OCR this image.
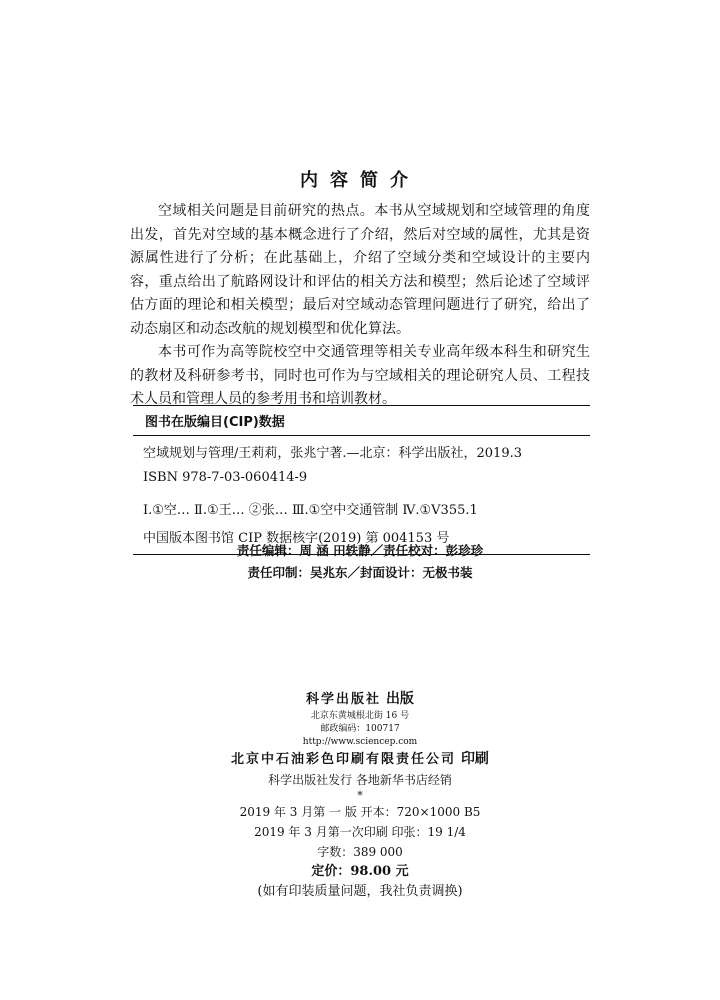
内容简介

空域相关问题是目前研究的热点。本书从空域规划和空域管理的角度出发，首先对空域的基本概念进行了介绍，然后对空域的属性，尤其是资源属性进行了分析；在此基础上，介绍了空域分类和空域设计的主要内容，重点给出了航路网设计和评估的相关方法和模型；然后论述了空域评估方面的理论和相关模型；最后对空域动态管理问题进行了研究，给出了动态扇区和动态改航的规划模型和优化算法。

本书可作为高等院校空中交通管理等相关专业高年级本科生和研究生的教材及科研参考书，同时也可作为与空域相关的理论研究人员、工程技术人员和管理人员的参考用书和培训教材。

图书在版编目(CIP)数据
空域规划与管理/王莉莉，张兆宁著.—北京：科学出版社，2019.3
ISBN 978-7-03-060414-9
Ⅰ.①空… Ⅱ.①王… ②张… Ⅲ.①空中交通管制 Ⅳ.①V355.1
中国版本图书馆 CIP 数据核字(2019) 第 004153 号
责任编辑：周 涵 田轶静／责任校对：彭珍珍
责任印制：吴兆东／封面设计：无极书装
科学出版社 出版
北京东黄城根北街 16 号
邮政编码：100717
http://www.sciencep.com
北京中石油彩色印刷有限责任公司 印刷
科学出版社发行 各地新华书店经销
*
2019 年 3 月第 一 版 开本：720×1000 B5
2019 年 3 月第一次印刷 印张：19 1/4
字数：389 000
定价：98.00 元
(如有印装质量问题，我社负责调换)
